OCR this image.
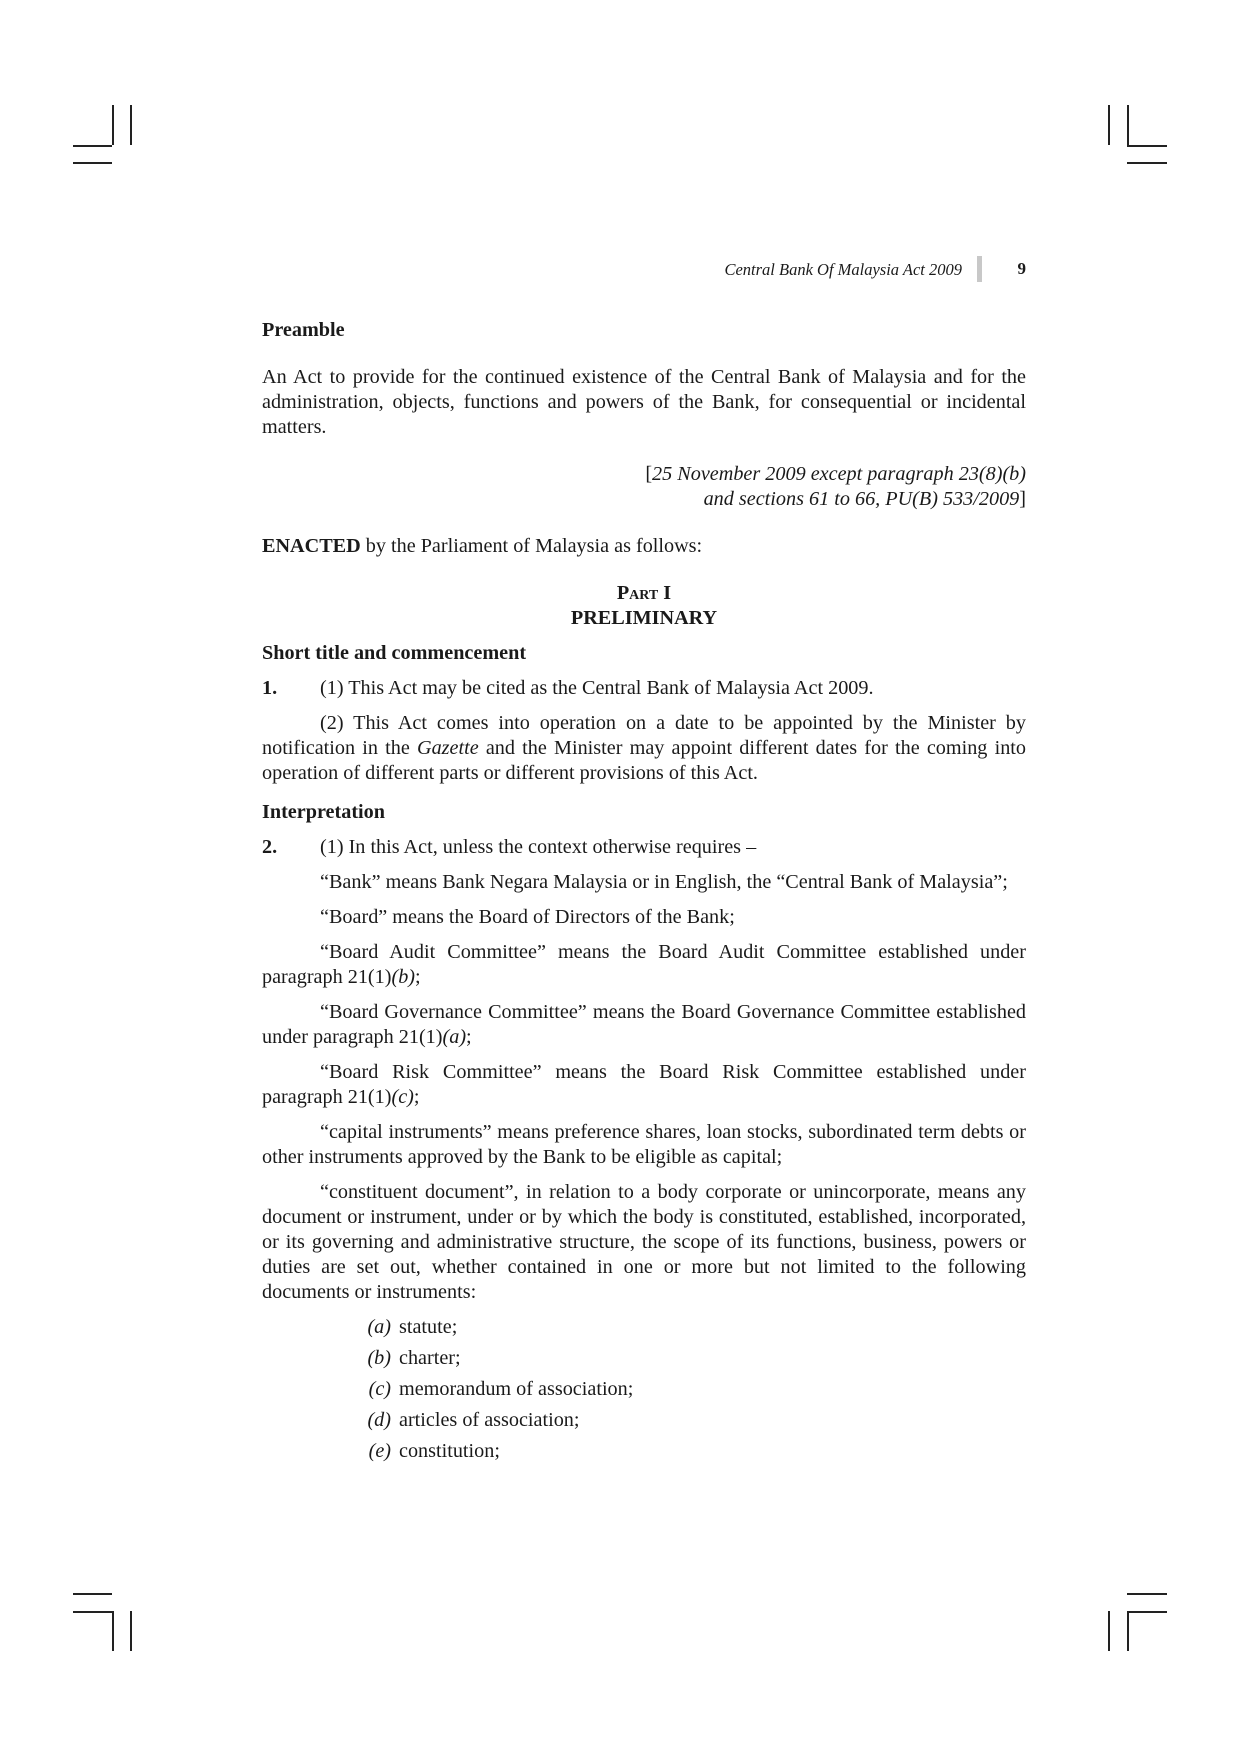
Central Bank Of Malaysia Act 2009	9

Preamble

An Act to provide for the continued existence of the Central Bank of Malaysia and for the administration, objects, functions and powers of the Bank, for consequential or incidental matters.

[25 November 2009 except paragraph 23(8)(b)
and sections 61 to 66, PU(B) 533/2009]

ENACTED by the Parliament of Malaysia as follows:

Part I

PRELIMINARY

Short title and commencement

1.	(1) This Act may be cited as the Central Bank of Malaysia Act 2009.

(2) This Act comes into operation on a date to be appointed by the Minister by notification in the Gazette and the Minister may appoint different dates for the coming into operation of different parts or different provisions of this Act.

Interpretation

2.	(1) In this Act, unless the context otherwise requires –

“Bank” means Bank Negara Malaysia or in English, the “Central Bank of Malaysia”;

“Board” means the Board of Directors of the Bank;

“Board Audit Committee” means the Board Audit Committee established under paragraph 21(1)(b);

“Board Governance Committee” means the Board Governance Committee established under paragraph 21(1)(a);

“Board Risk Committee” means the Board Risk Committee established under paragraph 21(1)(c);

“capital instruments” means preference shares, loan stocks, subordinated term debts or other instruments approved by the Bank to be eligible as capital;

“constituent document”, in relation to a body corporate or unincorporate, means any document or instrument, under or by which the body is constituted, established, incorporated, or its governing and administrative structure, the scope of its functions, business, powers or duties are set out, whether contained in one or more but not limited to the following documents or instruments:

(a) statute;
(b) charter;
(c) memorandum of association;
(d) articles of association;
(e) constitution;
